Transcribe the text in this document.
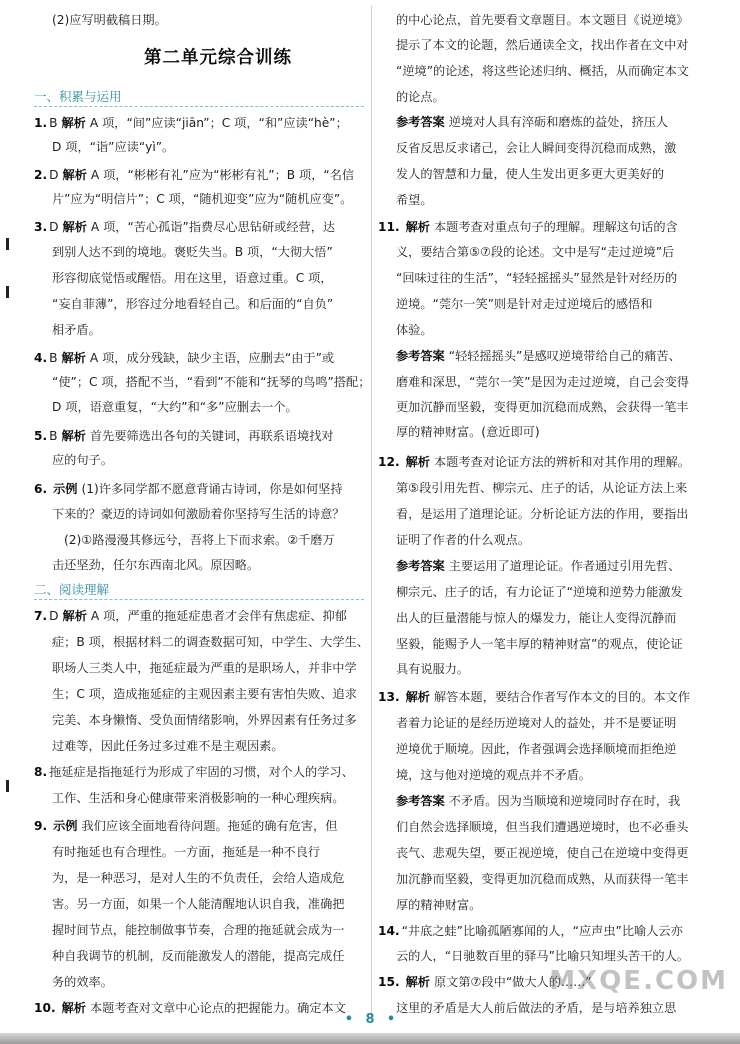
(2)应写明截稿日期。
第二单元综合训练
一、积累与运用
1. B 解析 A 项，“间”应读“jiān”；C 项，“和”应读“hè”；
D 项，“诣”应读“yì”。
2. D 解析 A 项，“彬彬有礼”应为“彬彬有礼”；B 项，“名信
片”应为“明信片”；C 项，“随机迎变”应为“随机应变”。
3. D 解析 A 项，“苦心孤诣”指费尽心思钻研或经营，达
到别人达不到的境地。褒贬失当。B 项，“大彻大悟”
形容彻底觉悟或醒悟。用在这里，语意过重。C 项，
“妄自菲薄”，形容过分地看轻自己。和后面的“自负”
相矛盾。
4. B 解析 A 项，成分残缺，缺少主语，应删去“由于”或
“使”；C 项，搭配不当，“看到”不能和“抚琴的鸟鸣”搭配；
D 项，语意重复，“大约”和“多”应删去一个。
5. B 解析 首先要筛选出各句的关键词，再联系语境找对
应的句子。
6. 示例 (1)许多同学都不愿意背诵古诗词，你是如何坚持
下来的？豪迈的诗词如何激励着你坚持写生活的诗意？
(2)①路漫漫其修远兮，吾将上下而求索。②千磨万
击还坚劲，任尔东西南北风。原因略。
二、阅读理解
7. D 解析 A 项，严重的拖延症患者才会伴有焦虑症、抑郁
症；B 项，根据材料二的调查数据可知，中学生、大学生、
职场人三类人中，拖延症最为严重的是职场人，并非中学
生；C 项，造成拖延症的主观因素主要有害怕失败、追求
完美、本身懒惰、受负面情绪影响，外界因素有任务过多
过难等，因此任务过多过难不是主观因素。
8. 拖延症是指拖延行为形成了牢固的习惯，对个人的学习、
工作、生活和身心健康带来消极影响的一种心理疾病。
9. 示例 我们应该全面地看待问题。拖延的确有危害，但
有时拖延也有合理性。一方面，拖延是一种不良行
为，是一种恶习，是对人生的不负责任，会给人造成危
害。另一方面，如果一个人能清醒地认识自我，准确把
握时间节点，能控制做事节奏，合理的拖延就会成为一
种自我调节的机制，反而能激发人的潜能，提高完成任
务的效率。
10. 解析 本题考查对文章中心论点的把握能力。确定本文
的中心论点，首先要看文章题目。本文题目《说逆境》
提示了本文的论题，然后通读全文，找出作者在文中对
“逆境”的论述，将这些论述归纳、概括，从而确定本文
的论点。
参考答案 逆境对人具有淬砺和磨炼的益处，挤压人
反省反思反求诸己，会让人瞬间变得沉稳而成熟，激
发人的智慧和力量，使人生发出更多更大更美好的
希望。
11. 解析 本题考查对重点句子的理解。理解这句话的含
义，要结合第⑤⑦段的论述。文中是写“走过逆境”后
“回味过往的生活”，“轻轻摇摇头”显然是针对经历的
逆境。“莞尔一笑”则是针对走过逆境后的感悟和
体验。
参考答案 “轻轻摇摇头”是感叹逆境带给自己的痛苦、
磨难和深思，“莞尔一笑”是因为走过逆境，自己会变得
更加沉静而坚毅，变得更加沉稳而成熟，会获得一笔丰
厚的精神财富。(意近即可)
12. 解析 本题考查对论证方法的辨析和对其作用的理解。
第⑤段引用先哲、柳宗元、庄子的话，从论证方法上来
看，是运用了道理论证。分析论证方法的作用，要指出
证明了作者的什么观点。
参考答案 主要运用了道理论证。作者通过引用先哲、
柳宗元、庄子的话，有力论证了“逆境和逆势力能激发
出人的巨量潜能与惊人的爆发力，能让人变得沉静而
坚毅，能赐予人一笔丰厚的精神财富”的观点，使论证
具有说服力。
13. 解析 解答本题，要结合作者写作本文的目的。本文作
者着力论证的是经历逆境对人的益处，并不是要证明
逆境优于顺境。因此，作者强调会选择顺境而拒绝逆
境，这与他对逆境的观点并不矛盾。
参考答案 不矛盾。因为当顺境和逆境同时存在时，我
们自然会选择顺境，但当我们遭遇逆境时，也不必垂头
丧气、悲观失望，要正视逆境，使自己在逆境中变得更
加沉静而坚毅，变得更加沉稳而成熟，从而获得一笔丰
厚的精神财富。
14. “井底之蛙”比喻孤陋寡闻的人，“应声虫”比喻人云亦
云的人，“日驰数百里的驿马”比喻只知埋头苦干的人。
15. 解析 原文第⑦段中“做大人的……”
这里的矛盾是大人前后做法的矛盾，是与培养独立思
• 8 •
MXQE.COM
